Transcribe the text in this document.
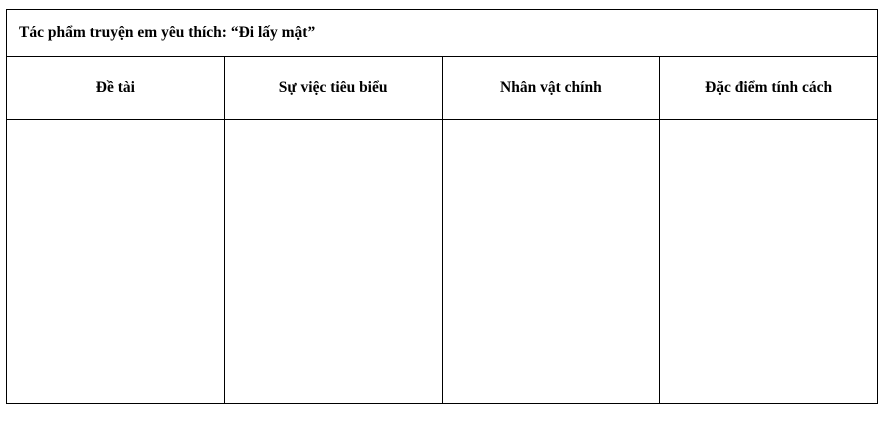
Tác phẩm truyện em yêu thích: “Đi lấy mật”			
Đề tài	Sự việc tiêu biểu	Nhân vật chính	Đặc điểm tính cách
